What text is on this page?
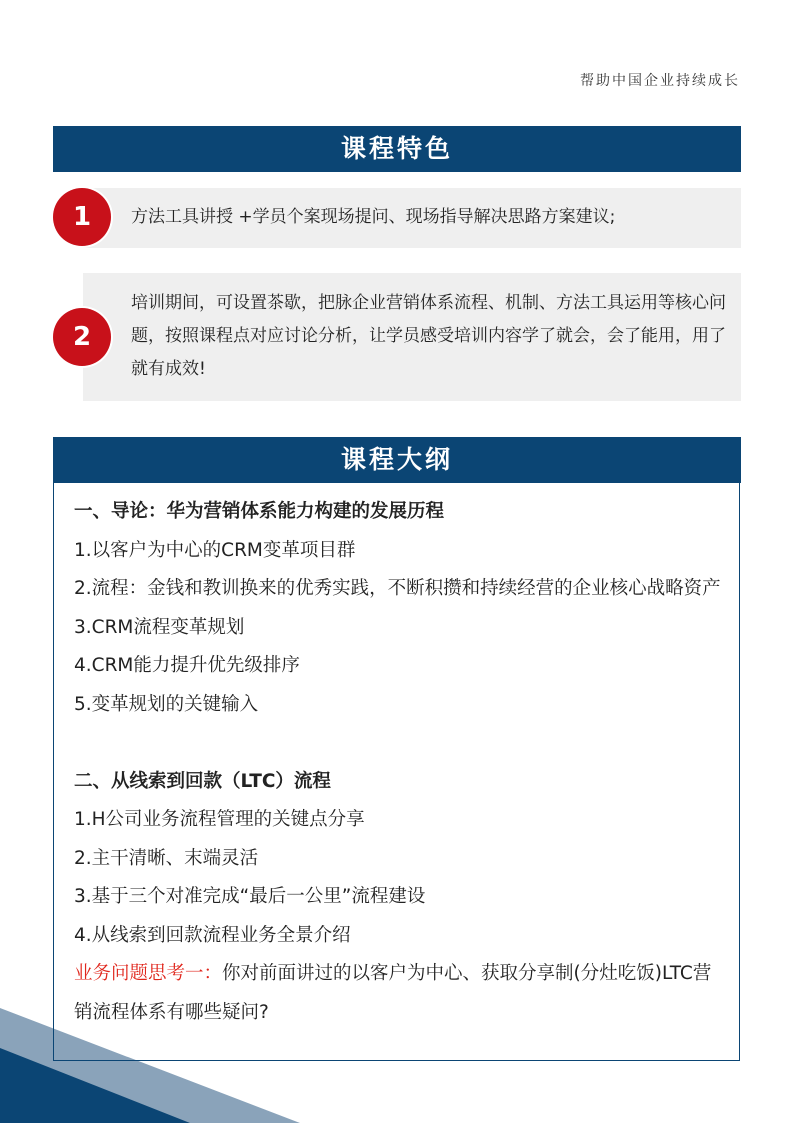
帮助中国企业持续成长
课程特色
方法工具讲授 +学员个案现场提问、现场指导解决思路方案建议;
1
培训期间，可设置茶歇，把脉企业营销体系流程、机制、方法工具运用等核心问题，按照课程点对应讨论分析，让学员感受培训内容学了就会，会了能用，用了就有成效!
2
课程大纲
一、导论：华为营销体系能力构建的发展历程
1.以客户为中心的CRM变革项目群
2.流程：金钱和教训换来的优秀实践，不断积攒和持续经营的企业核心战略资产
3.CRM流程变革规划
4.CRM能力提升优先级排序
5.变革规划的关键输入
二、从线索到回款（LTC）流程
1.H公司业务流程管理的关键点分享
2.主干清晰、末端灵活
3.基于三个对准完成“最后一公里”流程建设
4.从线索到回款流程业务全景介绍
业务问题思考一：你对前面讲过的以客户为中心、获取分享制(分灶吃饭)LTC营销流程体系有哪些疑问?
